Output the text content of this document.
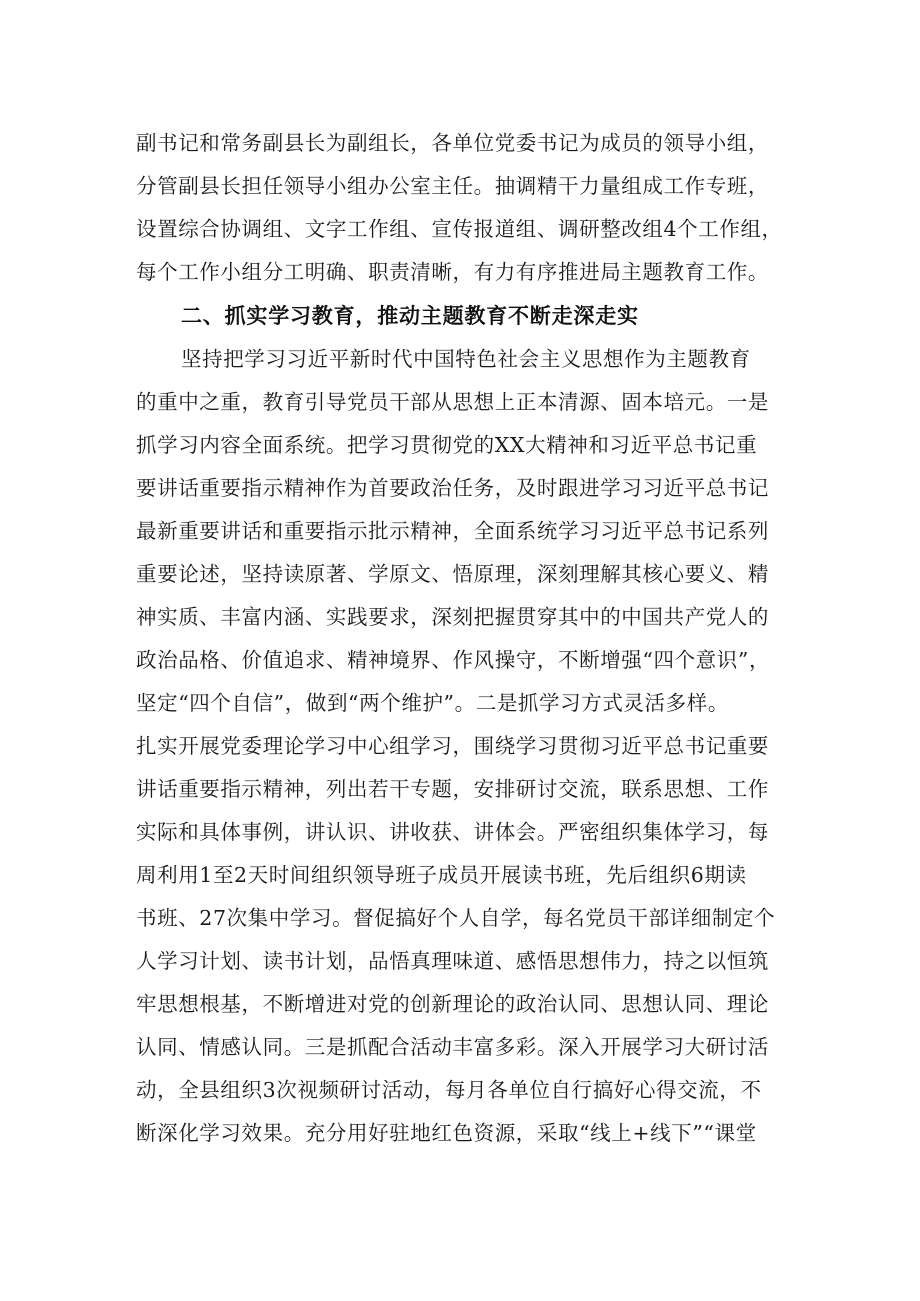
副书记和常务副县长为副组长，各单位党委书记为成员的领导小组，
分管副县长担任领导小组办公室主任。抽调精干力量组成工作专班，
设置综合协调组、文字工作组、宣传报道组、调研整改组4个工作组，
每个工作小组分工明确、职责清晰，有力有序推进局主题教育工作。
二、抓实学习教育，推动主题教育不断走深走实
坚持把学习习近平新时代中国特色社会主义思想作为主题教育
的重中之重，教育引导党员干部从思想上正本清源、固本培元。一是
抓学习内容全面系统。把学习贯彻党的XX大精神和习近平总书记重
要讲话重要指示精神作为首要政治任务，及时跟进学习习近平总书记
最新重要讲话和重要指示批示精神，全面系统学习习近平总书记系列
重要论述，坚持读原著、学原文、悟原理，深刻理解其核心要义、精
神实质、丰富内涵、实践要求，深刻把握贯穿其中的中国共产党人的
政治品格、价值追求、精神境界、作风操守，不断增强“四个意识”，
坚定“四个自信”，做到“两个维护”。二是抓学习方式灵活多样。
扎实开展党委理论学习中心组学习，围绕学习贯彻习近平总书记重要
讲话重要指示精神，列出若干专题，安排研讨交流，联系思想、工作
实际和具体事例，讲认识、讲收获、讲体会。严密组织集体学习，每
周利用1至2天时间组织领导班子成员开展读书班，先后组织6期读
书班、27次集中学习。督促搞好个人自学，每名党员干部详细制定个
人学习计划、读书计划，品悟真理味道、感悟思想伟力，持之以恒筑
牢思想根基，不断增进对党的创新理论的政治认同、思想认同、理论
认同、情感认同。三是抓配合活动丰富多彩。深入开展学习大研讨活
动，全县组织3次视频研讨活动，每月各单位自行搞好心得交流，不
断深化学习效果。充分用好驻地红色资源，采取“线上+线下”“课堂
